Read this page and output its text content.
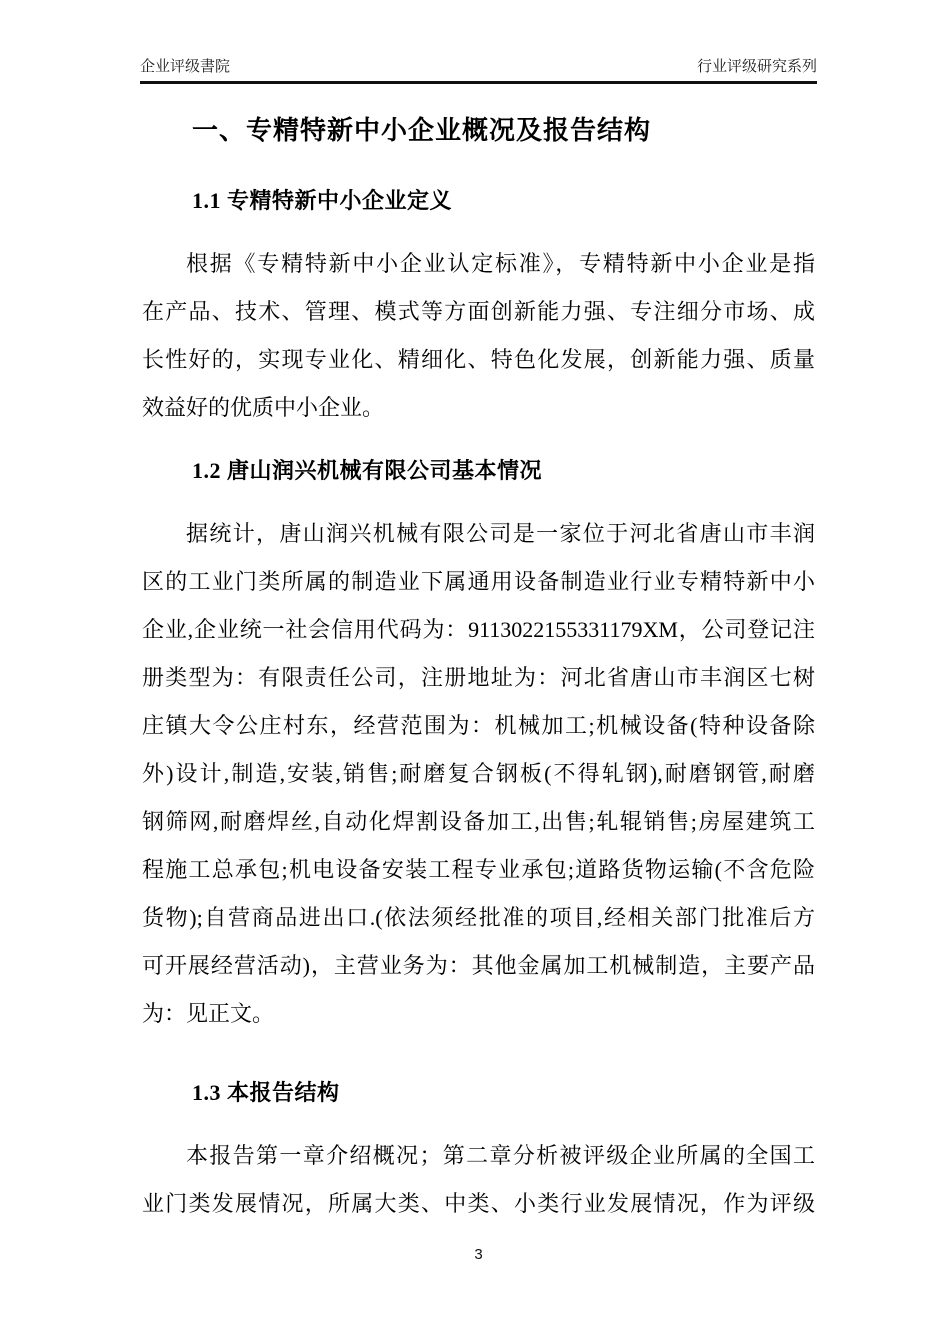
企业评级書院	行业评级研究系列
一、专精特新中小企业概况及报告结构
1.1 专精特新中小企业定义
根据《专精特新中小企业认定标准》，专精特新中小企业是指
在产品、技术、管理、模式等方面创新能力强、专注细分市场、成
长性好的，实现专业化、精细化、特色化发展，创新能力强、质量
效益好的优质中小企业。
1.2 唐山润兴机械有限公司基本情况
据统计，唐山润兴机械有限公司是一家位于河北省唐山市丰润
区的工业门类所属的制造业下属通用设备制造业行业专精特新中小
企业,企业统一社会信用代码为：9113022155331179XM，公司登记注
册类型为：有限责任公司，注册地址为：河北省唐山市丰润区七树
庄镇大令公庄村东，经营范围为：机械加工;机械设备(特种设备除
外)设计,制造,安装,销售;耐磨复合钢板(不得轧钢),耐磨钢管,耐磨
钢筛网,耐磨焊丝,自动化焊割设备加工,出售;轧辊销售;房屋建筑工
程施工总承包;机电设备安装工程专业承包;道路货物运输(不含危险
货物);自营商品进出口.(依法须经批准的项目,经相关部门批准后方
可开展经营活动)，主营业务为：其他金属加工机械制造，主要产品
为：见正文。
1.3 本报告结构
本报告第一章介绍概况；第二章分析被评级企业所属的全国工
业门类发展情况，所属大类、中类、小类行业发展情况，作为评级
3
